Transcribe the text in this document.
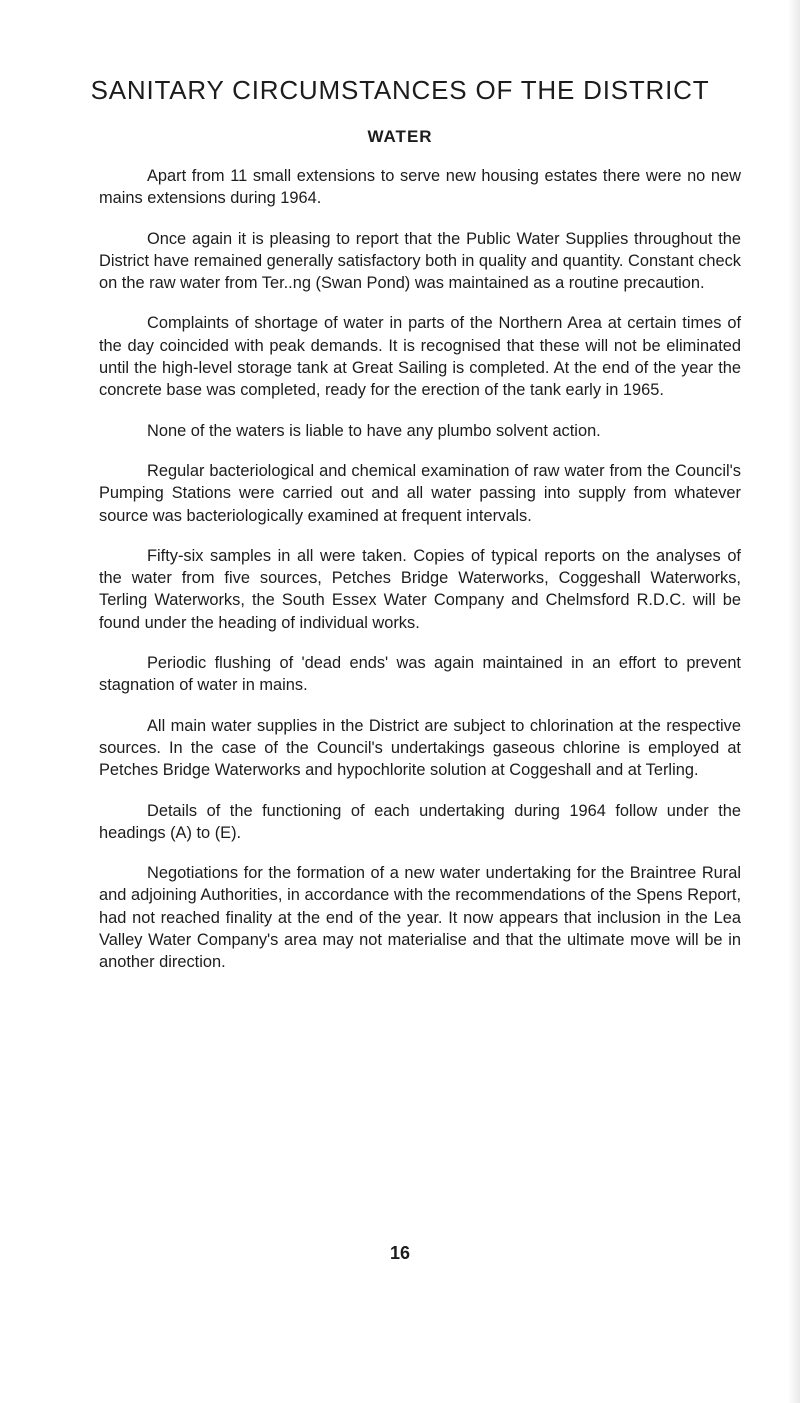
SANITARY CIRCUMSTANCES OF THE DISTRICT
WATER

Apart from 11 small extensions to serve new housing estates there were no new mains extensions during 1964.

Once again it is pleasing to report that the Public Water Supplies throughout the District have remained generally satisfactory both in quality and quantity. Constant check on the raw water from Ter..ng (Swan Pond) was maintained as a routine precaution.

Complaints of shortage of water in parts of the Northern Area at certain times of the day coincided with peak demands. It is recognised that these will not be eliminated until the high-level storage tank at Great Sailing is completed. At the end of the year the concrete base was completed, ready for the erection of the tank early in 1965.

None of the waters is liable to have any plumbo solvent action.

Regular bacteriological and chemical examination of raw water from the Council's Pumping Stations were carried out and all water passing into supply from whatever source was bacteriologically examined at frequent intervals.

Fifty-six samples in all were taken. Copies of typical reports on the analyses of the water from five sources, Petches Bridge Waterworks, Coggeshall Waterworks, Terling Waterworks, the South Essex Water Company and Chelmsford R.D.C. will be found under the heading of individual works.

Periodic flushing of 'dead ends' was again maintained in an effort to prevent stagnation of water in mains.

All main water supplies in the District are subject to chlorination at the respective sources. In the case of the Council's undertakings gaseous chlorine is employed at Petches Bridge Waterworks and hypochlorite solution at Coggeshall and at Terling.

Details of the functioning of each undertaking during 1964 follow under the headings (A) to (E).

Negotiations for the formation of a new water undertaking for the Braintree Rural and adjoining Authorities, in accordance with the recommendations of the Spens Report, had not reached finality at the end of the year. It now appears that inclusion in the Lea Valley Water Company's area may not materialise and that the ultimate move will be in another direction.

16
